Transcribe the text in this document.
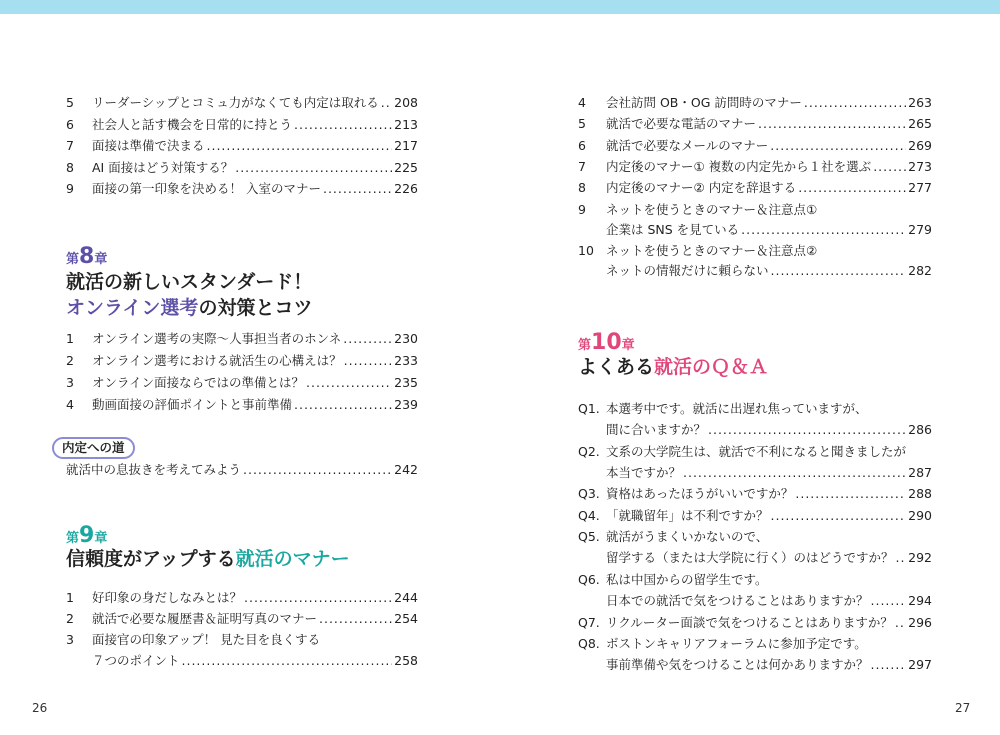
5	リーダーシップとコミュ力がなくても内定は取れる ..... 208
6	社会人と話す機会を日常的に持とう .....	213
7	面接は準備で決まる .....	217
8	AI 面接はどう対策する？ .....	225
9	面接の第一印象を決める！ 入室のマナー .....	226
第8章
就活の新しいスタンダード！
オンライン選考の対策とコツ
1	オンライン選考の実際～人事担当者のホンネ .....	230
2	オンライン選考における就活生の心構えは？ .....	233
3	オンライン面接ならではの準備とは？ .....	235
4	動画面接の評価ポイントと事前準備 .....	239
内定への道
就活中の息抜きを考えてみよう .....	242
第9章
信頼度がアップする就活のマナー
1	好印象の身だしなみとは？ .....	244
2	就活で必要な履歴書＆証明写真のマナー .....	254
3	面接官の印象アップ！ 見た目を良くする
７つのポイント .....	258
26
4	会社訪問 OB・OG 訪問時のマナー .....	263
5	就活で必要な電話のマナー .....	265
6	就活で必要なメールのマナー .....	269
7	内定後のマナー① 複数の内定先から１社を選ぶ .....	273
8	内定後のマナー② 内定を辞退する .....	277
9	ネットを使うときのマナー＆注意点①
企業は SNS を見ている .....	279
10 ネットを使うときのマナー＆注意点②
ネットの情報だけに頼らない .....	282
第10章
よくある就活のＱ＆Ａ
Q1. 本選考中です。就活に出遅れ焦っていますが、
間に合いますか？ .....	286
Q2. 文系の大学院生は、就活で不利になると聞きましたが
本当ですか？ .....	287
Q3. 資格はあったほうがいいですか？ .....	288
Q4. 「就職留年」は不利ですか？ .....	290
Q5. 就活がうまくいかないので、
留学する（または大学院に行く）のはどうですか？ ..... 292
Q6. 私は中国からの留学生です。
日本での就活で気をつけることはありますか？ .....	294
Q7. リクルーター面談で気をつけることはありますか？ ..... 296
Q8. ボストンキャリアフォーラムに参加予定です。
事前準備や気をつけることは何かありますか？ .....	297
27
